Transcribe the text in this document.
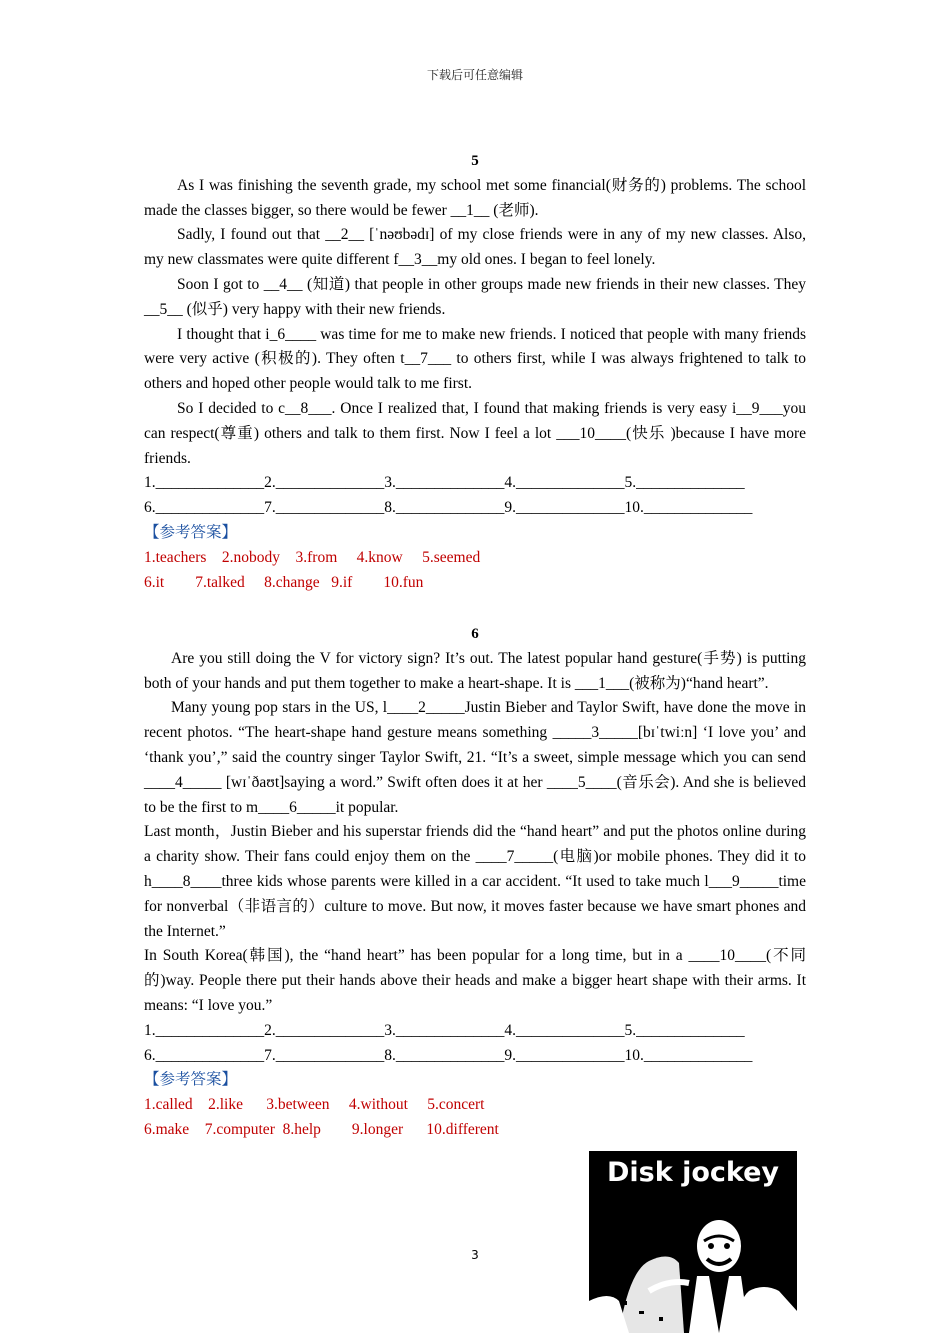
下载后可任意编辑
5

As I was finishing the seventh grade, my school met some financial(财务的) problems. The school made the classes bigger, so there would be fewer __1__ (老师).

Sadly, I found out that __2__ [ˈnəʊbədɪ] of my close friends were in any of my new classes. Also, my new classmates were quite different f__3__my old ones. I began to feel lonely.

Soon I got to __4__ (知道) that people in other groups made new friends in their new classes. They __5__ (似乎) very happy with their new friends.

I thought that i_6____ was time for me to make new friends. I noticed that people with many friends were very active (积极的). They often t__7___ to others first, while I was always frightened to talk to others and hoped other people would talk to me first.

So I decided to c__8___. Once I realized that, I found that making friends is very easy i__9___you can respect(尊重) others and talk to them first. Now I feel a lot ___10____(快乐 )because I have more friends.

1.______________ 2.______________ 3.______________ 4.______________ 5.______________
6.______________ 7.______________ 8.______________ 9.______________ 10.______________
【参考答案】
1.teachers    2.nobody    3.from     4.know     5.seemed
6.it        7.talked     8.change   9.if        10.fun
6

Are you still doing the V for victory sign? It’s out. The latest popular hand gesture(手势) is putting both of your hands and put them together to make a heart-shape. It is ___1___(被称为)“hand heart”.

Many young pop stars in the US, l____2_____Justin Bieber and Taylor Swift, have done the move in recent photos. “The heart-shape hand gesture means something _____3_____[bɪˈtwiːn] ‘I love you’ and ‘thank you’,” said the country singer Taylor Swift, 21. “It’s a sweet, simple message which you can send ____4_____ [wɪˈðaʊt]saying a word.” Swift often does it at her ____5____(音乐会). And she is believed to be the first to m____6_____it popular.

Last month，Justin Bieber and his superstar friends did the “hand heart” and put the photos online during a charity show. Their fans could enjoy them on the ____7_____(电脑)or mobile phones. They did it to h____8____three kids whose parents were killed in a car accident. “It used to take much l___9_____time for nonverbal（非语言的）culture to move. But now, it moves faster because we have smart phones and the Internet.”

In South Korea(韩国), the “hand heart” has been popular for a long time, but in a ____10____(不同的)way. People there put their hands above their heads and make a bigger heart shape with their arms. It means: “I love you.”

1.______________ 2.______________ 3.______________ 4.______________ 5.______________
6.______________ 7.______________ 8.______________ 9.______________ 10.______________
【参考答案】
1.called    2.like      3.between     4.without     5.concert
6.make    7.computer  8.help        9.longer      10.different
3
Disk jockey
